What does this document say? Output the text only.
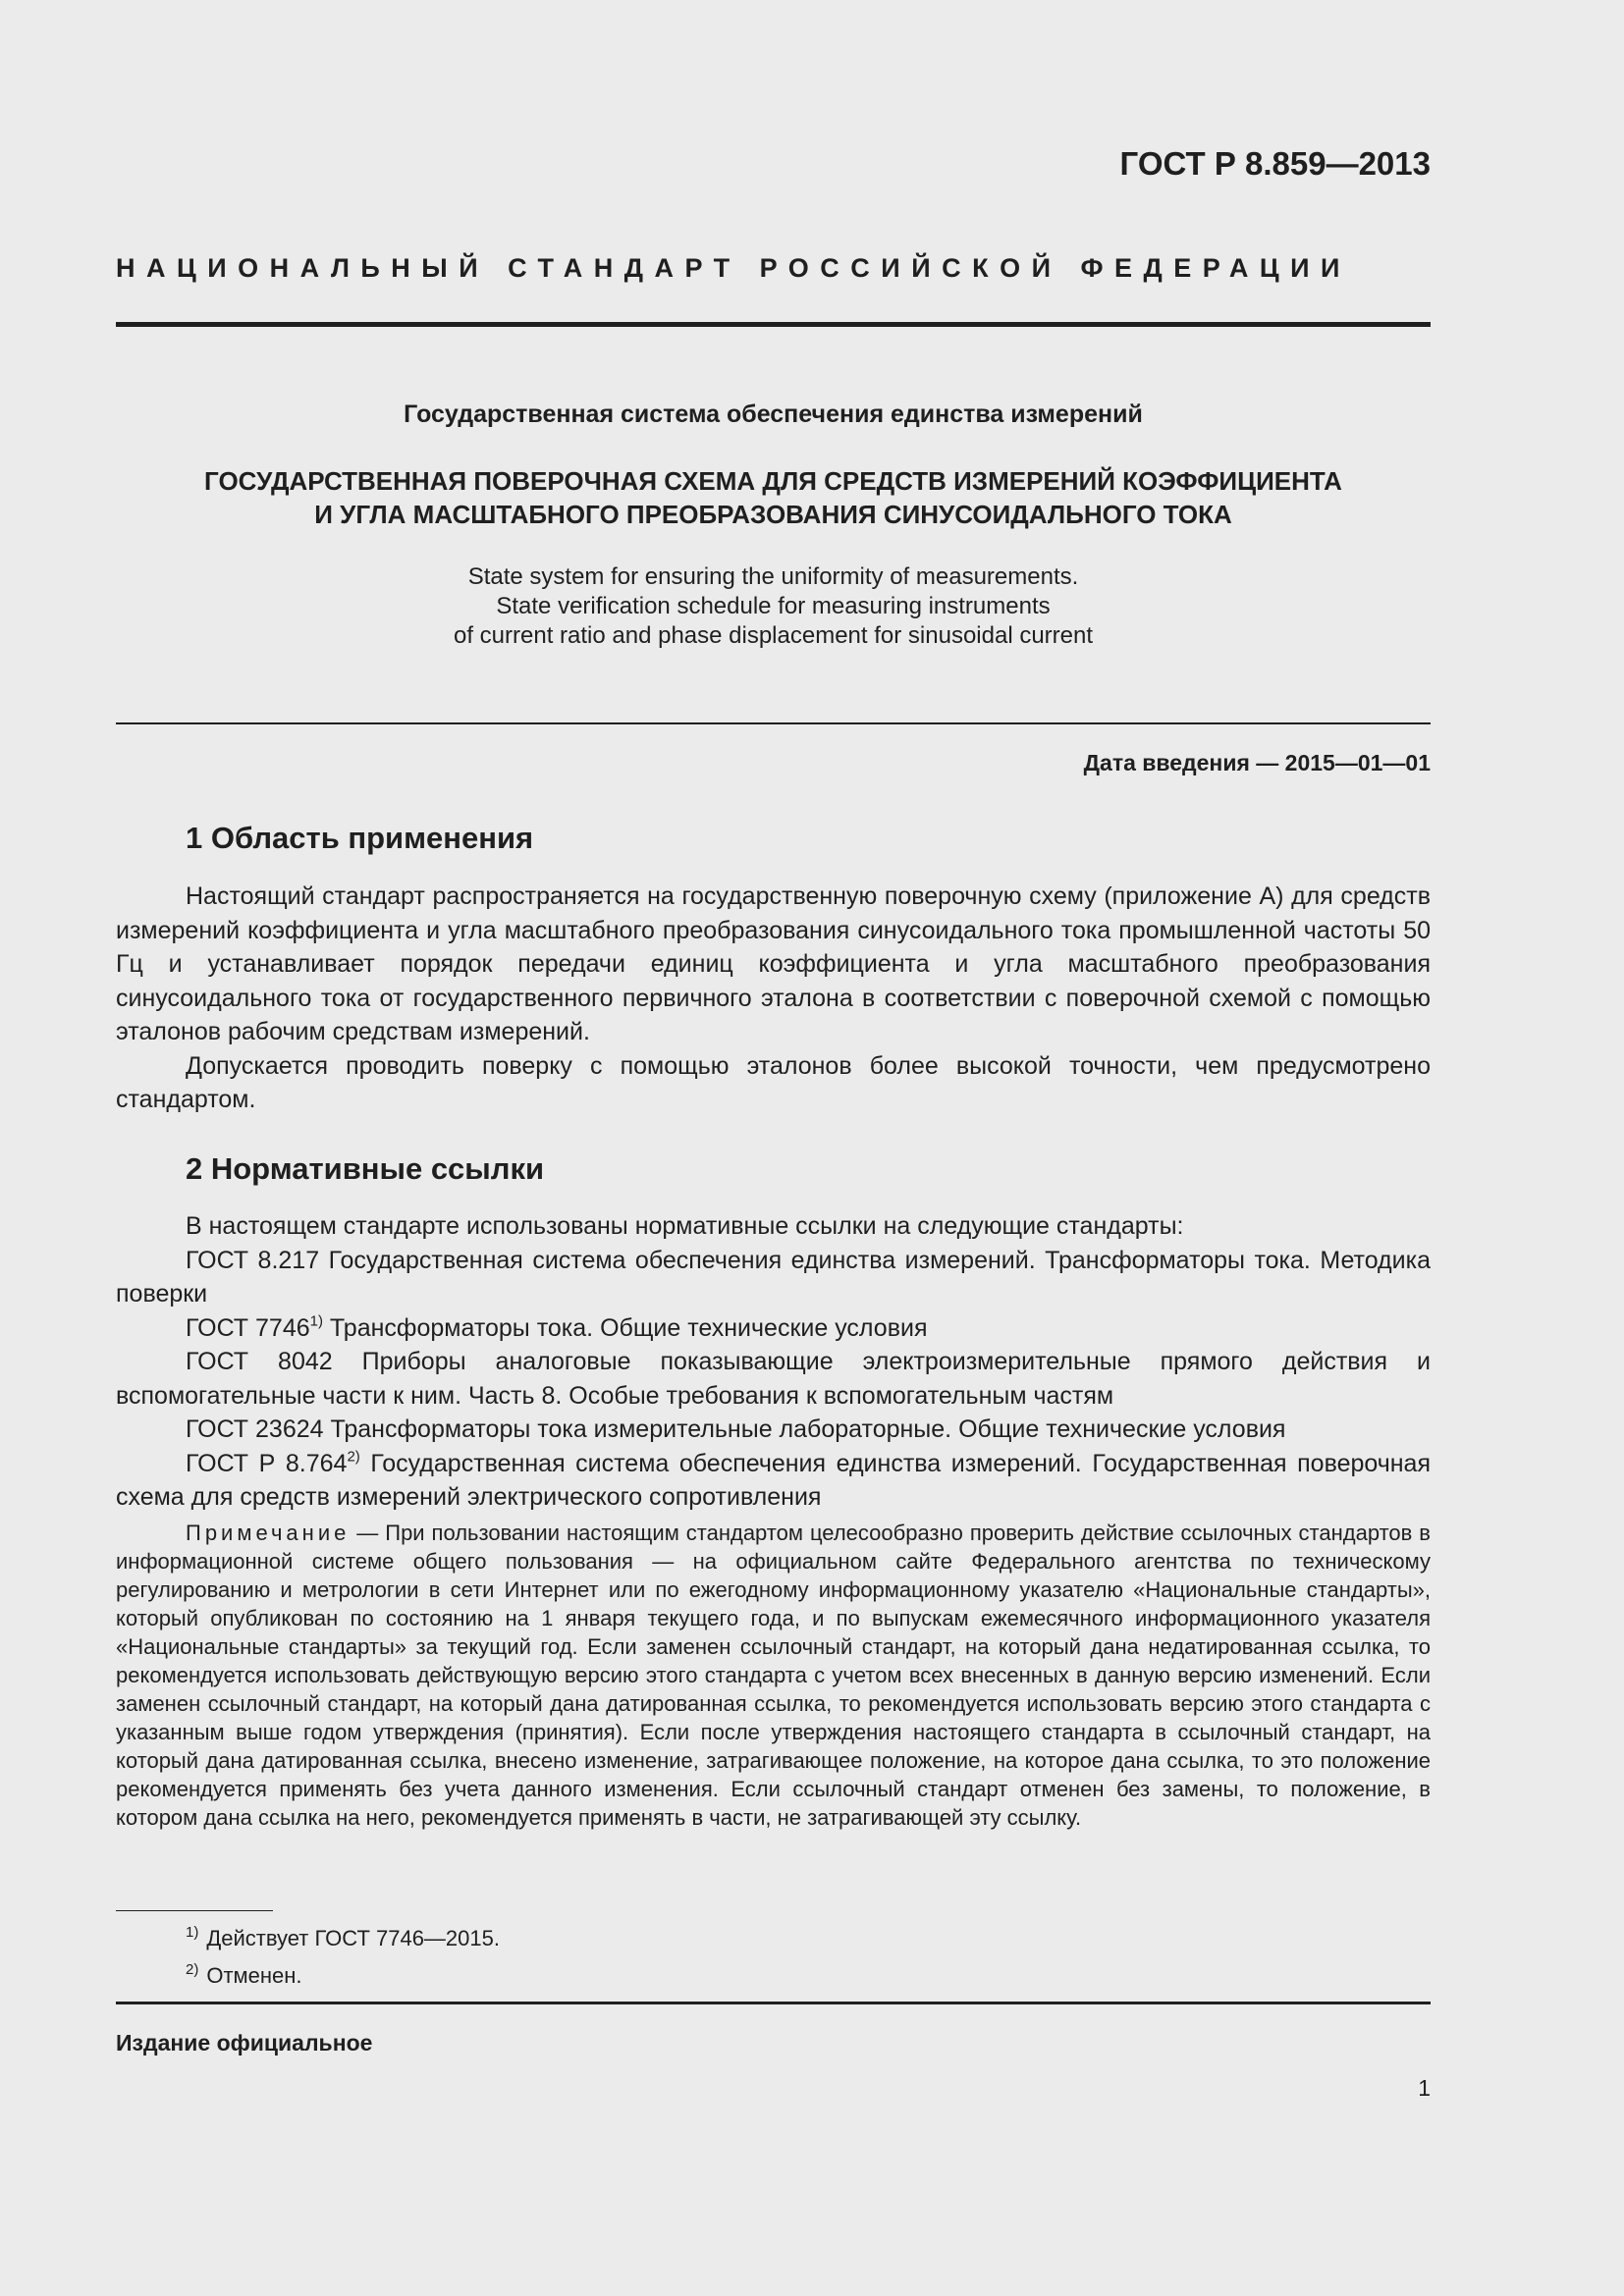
ГОСТ Р 8.859—2013
НАЦИОНАЛЬНЫЙ СТАНДАРТ РОССИЙСКОЙ ФЕДЕРАЦИИ
Государственная система обеспечения единства измерений
ГОСУДАРСТВЕННАЯ ПОВЕРОЧНАЯ СХЕМА ДЛЯ СРЕДСТВ ИЗМЕРЕНИЙ КОЭФФИЦИЕНТА
И УГЛА МАСШТАБНОГО ПРЕОБРАЗОВАНИЯ СИНУСОИДАЛЬНОГО ТОКА
State system for ensuring the uniformity of measurements.
State verification schedule for measuring instruments
of current ratio and phase displacement for sinusoidal current
Дата введения — 2015—01—01
1 Область применения

Настоящий стандарт распространяется на государственную поверочную схему (приложение А) для средств измерений коэффициента и угла масштабного преобразования синусоидального тока промышленной частоты 50 Гц и устанавливает порядок передачи единиц коэффициента и угла масштабного преобразования синусоидального тока от государственного первичного эталона в соответствии с поверочной схемой с помощью эталонов рабочим средствам измерений.

Допускается проводить поверку с помощью эталонов более высокой точности, чем предусмотрено стандартом.

2 Нормативные ссылки

В настоящем стандарте использованы нормативные ссылки на следующие стандарты:

ГОСТ 8.217 Государственная система обеспечения единства измерений. Трансформаторы тока. Методика поверки

ГОСТ 7746$^{1)}$ Трансформаторы тока. Общие технические условия

ГОСТ 8042 Приборы аналоговые показывающие электроизмерительные прямого действия и вспомогательные части к ним. Часть 8. Особые требования к вспомогательным частям

ГОСТ 23624 Трансформаторы тока измерительные лабораторные. Общие технические условия

ГОСТ Р 8.764$^{2)}$ Государственная система обеспечения единства измерений. Государственная поверочная схема для средств измерений электрического сопротивления

Примечание — При пользовании настоящим стандартом целесообразно проверить действие ссылочных стандартов в информационной системе общего пользования — на официальном сайте Федерального агентства по техническому регулированию и метрологии в сети Интернет или по ежегодному информационному указателю «Национальные стандарты», который опубликован по состоянию на 1 января текущего года, и по выпускам ежемесячного информационного указателя «Национальные стандарты» за текущий год. Если заменен ссылочный стандарт, на который дана недатированная ссылка, то рекомендуется использовать действующую версию этого стандарта с учетом всех внесенных в данную версию изменений. Если заменен ссылочный стандарт, на который дана датированная ссылка, то рекомендуется использовать версию этого стандарта с указанным выше годом утверждения (принятия). Если после утверждения настоящего стандарта в ссылочный стандарт, на который дана датированная ссылка, внесено изменение, затрагивающее положение, на которое дана ссылка, то это положение рекомендуется применять без учета данного изменения. Если ссылочный стандарт отменен без замены, то положение, в котором дана ссылка на него, рекомендуется применять в части, не затрагивающей эту ссылку.

$^{1)}$ Действует ГОСТ 7746—2015.
$^{2)}$ Отменен.
Издание официальное
1
